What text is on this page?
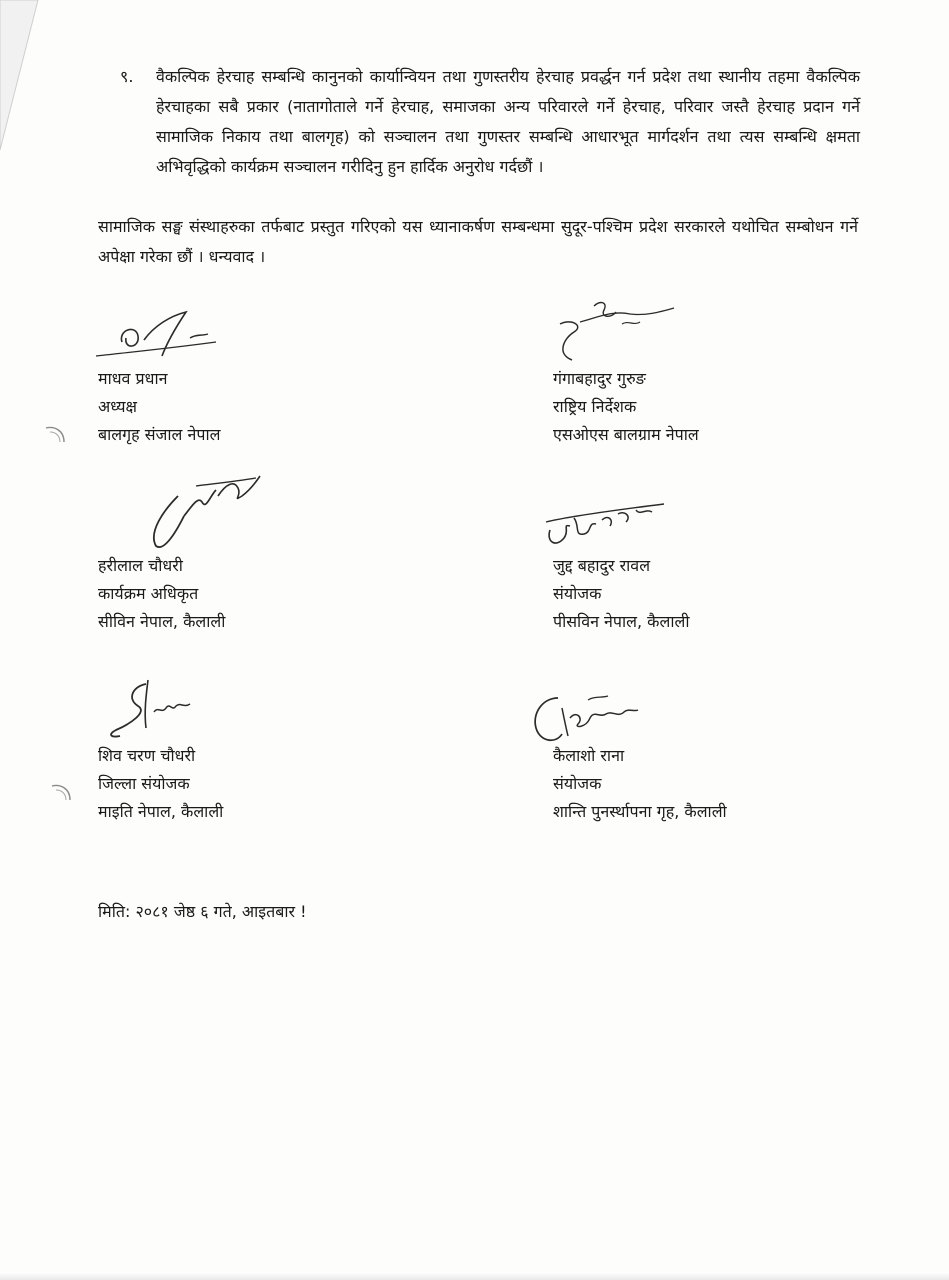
९.	वैकल्पिक हेरचाह सम्बन्धि कानुनको कार्यान्वियन तथा गुणस्तरीय हेरचाह प्रवर्द्धन गर्न प्रदेश तथा स्थानीय तहमा वैकल्पिक हेरचाहका सबै प्रकार (नातागोताले गर्ने हेरचाह, समाजका अन्य परिवारले गर्ने हेरचाह, परिवार जस्तै हेरचाह प्रदान गर्ने सामाजिक निकाय तथा बालगृह) को सञ्चालन तथा गुणस्तर सम्बन्धि आधारभूत मार्गदर्शन तथा त्यस सम्बन्धि क्षमता अभिवृद्धिको कार्यक्रम सञ्चालन गरीदिनु हुन हार्दिक अनुरोध गर्दछौं ।
सामाजिक सङ्घ संस्थाहरुका तर्फबाट प्रस्तुत गरिएको यस ध्यानाकर्षण सम्बन्धमा सुदूर-पश्चिम प्रदेश सरकारले यथोचित सम्बोधन गर्ने अपेक्षा गरेका छौं । धन्यवाद ।
माधव प्रधान
अध्यक्ष
बालगृह संजाल नेपाल
गंगाबहादुर गुरुङ
राष्ट्रिय निर्देशक
एसओएस बालग्राम नेपाल
हरीलाल चौधरी
कार्यक्रम अधिकृत
सीविन नेपाल, कैलाली
जुद्द बहादुर रावल
संयोजक
पीसविन नेपाल, कैलाली
शिव चरण चौधरी
जिल्ला संयोजक
माइति नेपाल, कैलाली
कैलाशो राना
संयोजक
शान्ति पुनर्स्थापना गृह, कैलाली
मिति: २०८१ जेष्ठ ६ गते, आइतबार !
